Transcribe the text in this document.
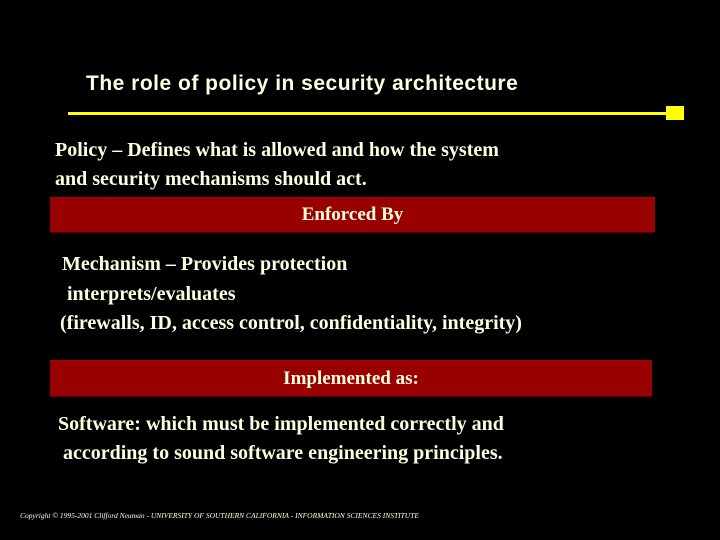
The role of policy in security architecture
Policy – Defines what is allowed and how the system
and security mechanisms should act.
Enforced By
Mechanism – Provides protection
interprets/evaluates
(firewalls, ID, access control, confidentiality, integrity)
Implemented as:
Software: which must be implemented correctly and
according to sound software engineering principles.
Copyright © 1995-2001 Clifford Neuman - UNIVERSITY OF SOUTHERN CALIFORNIA - INFORMATION SCIENCES INSTITUTE
